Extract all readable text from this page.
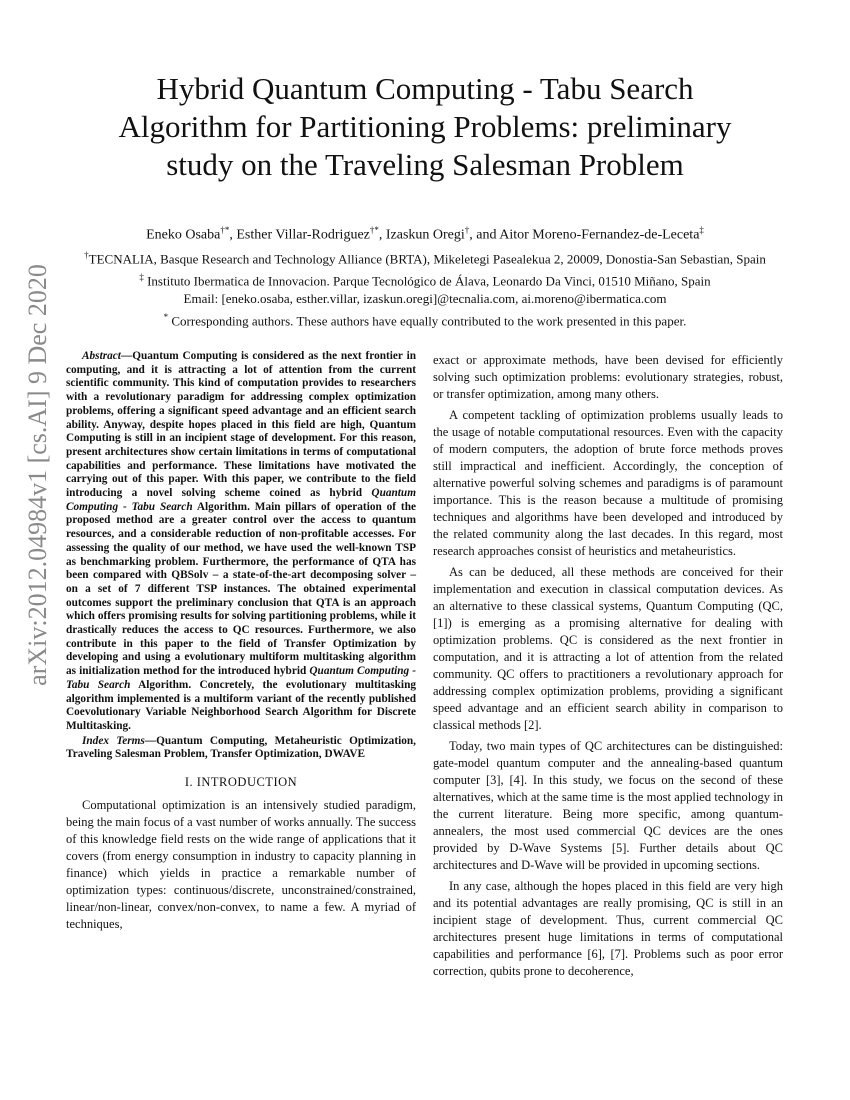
arXiv:2012.04984v1 [cs.AI] 9 Dec 2020
Hybrid Quantum Computing - Tabu Search
Algorithm for Partitioning Problems: preliminary
study on the Traveling Salesman Problem
Eneko Osaba†*, Esther Villar-Rodriguez†*, Izaskun Oregi†, and Aitor Moreno-Fernandez-de-Leceta‡
†TECNALIA, Basque Research and Technology Alliance (BRTA), Mikeletegi Pasealekua 2, 20009, Donostia-San Sebastian, Spain
‡ Instituto Ibermatica de Innovacion. Parque Tecnológico de Álava, Leonardo Da Vinci, 01510 Miñano, Spain
Email: [eneko.osaba, esther.villar, izaskun.oregi]@tecnalia.com, ai.moreno@ibermatica.com
* Corresponding authors. These authors have equally contributed to the work presented in this paper.
Abstract—Quantum Computing is considered as the next frontier in computing, and it is attracting a lot of attention from the current scientific community. This kind of computation provides to researchers with a revolutionary paradigm for addressing complex optimization problems, offering a significant speed advantage and an efficient search ability. Anyway, despite hopes placed in this field are high, Quantum Computing is still in an incipient stage of development. For this reason, present architectures show certain limitations in terms of computational capabilities and performance. These limitations have motivated the carrying out of this paper. With this paper, we contribute to the field introducing a novel solving scheme coined as hybrid Quantum Computing - Tabu Search Algorithm. Main pillars of operation of the proposed method are a greater control over the access to quantum resources, and a considerable reduction of non-profitable accesses. For assessing the quality of our method, we have used the well-known TSP as benchmarking problem. Furthermore, the performance of QTA has been compared with QBSolv – a state-of-the-art decomposing solver – on a set of 7 different TSP instances. The obtained experimental outcomes support the preliminary conclusion that QTA is an approach which offers promising results for solving partitioning problems, while it drastically reduces the access to QC resources. Furthermore, we also contribute in this paper to the field of Transfer Optimization by developing and using a evolutionary multiform multitasking algorithm as initialization method for the introduced hybrid Quantum Computing - Tabu Search Algorithm. Concretely, the evolutionary multitasking algorithm implemented is a multiform variant of the recently published Coevolutionary Variable Neighborhood Search Algorithm for Discrete Multitasking.
Index Terms—Quantum Computing, Metaheuristic Optimization, Traveling Salesman Problem, Transfer Optimization, DWAVE
I. INTRODUCTION

Computational optimization is an intensively studied paradigm, being the main focus of a vast number of works annually. The success of this knowledge field rests on the wide range of applications that it covers (from energy consumption in industry to capacity planning in finance) which yields in practice a remarkable number of optimization types: continuous/discrete, unconstrained/constrained, linear/non-linear, convex/non-convex, to name a few. A myriad of techniques,

exact or approximate methods, have been devised for efficiently solving such optimization problems: evolutionary strategies, robust, or transfer optimization, among many others.

A competent tackling of optimization problems usually leads to the usage of notable computational resources. Even with the capacity of modern computers, the adoption of brute force methods proves still impractical and inefficient. Accordingly, the conception of alternative powerful solving schemes and paradigms is of paramount importance. This is the reason because a multitude of promising techniques and algorithms have been developed and introduced by the related community along the last decades. In this regard, most research approaches consist of heuristics and metaheuristics.

As can be deduced, all these methods are conceived for their implementation and execution in classical computation devices. As an alternative to these classical systems, Quantum Computing (QC, [1]) is emerging as a promising alternative for dealing with optimization problems. QC is considered as the next frontier in computation, and it is attracting a lot of attention from the related community. QC offers to practitioners a revolutionary approach for addressing complex optimization problems, providing a significant speed advantage and an efficient search ability in comparison to classical methods [2].

Today, two main types of QC architectures can be distinguished: gate-model quantum computer and the annealing-based quantum computer [3], [4]. In this study, we focus on the second of these alternatives, which at the same time is the most applied technology in the current literature. Being more specific, among quantum-annealers, the most used commercial QC devices are the ones provided by D-Wave Systems [5]. Further details about QC architectures and D-Wave will be provided in upcoming sections.

In any case, although the hopes placed in this field are very high and its potential advantages are really promising, QC is still in an incipient stage of development. Thus, current commercial QC architectures present huge limitations in terms of computational capabilities and performance [6], [7]. Problems such as poor error correction, qubits prone to decoherence,
